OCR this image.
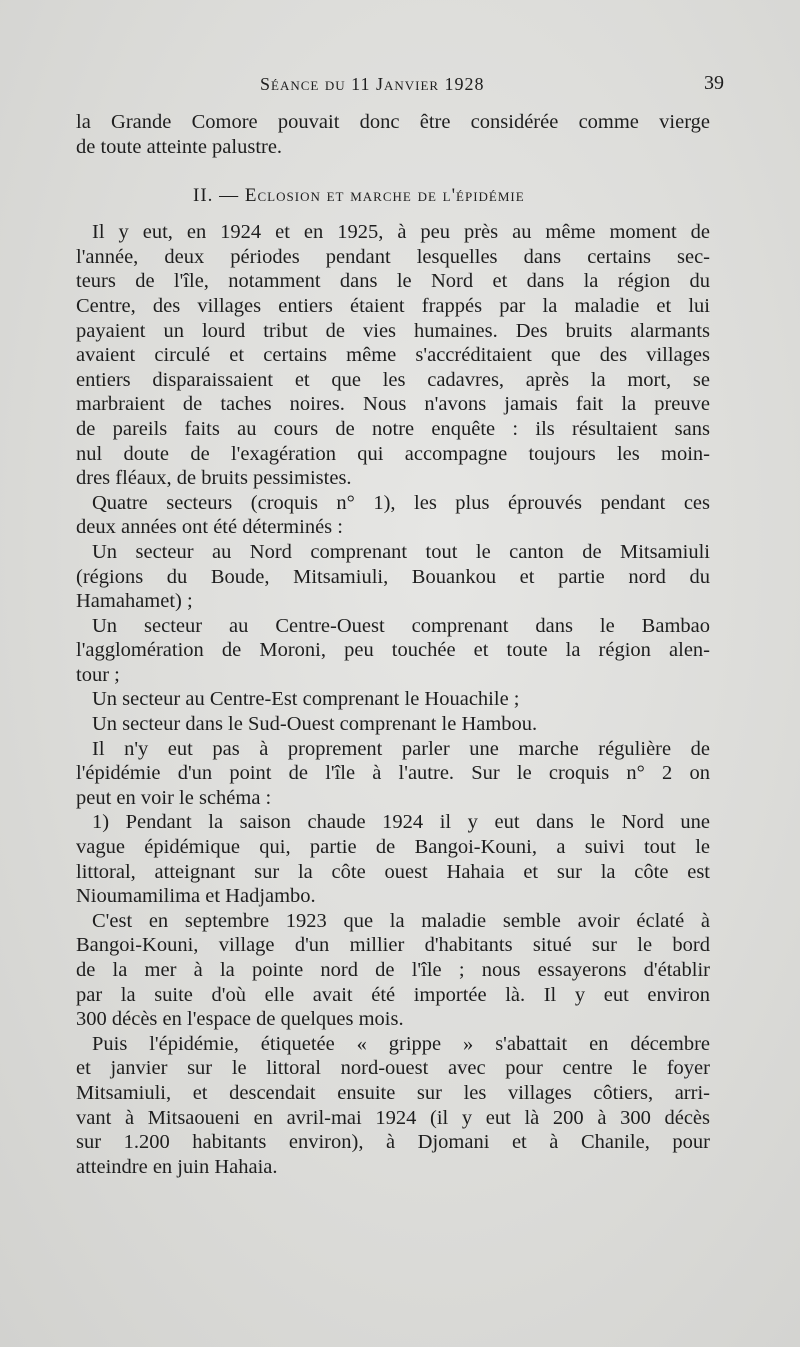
Séance du 11 Janvier 1928	39
la Grande Comore pouvait donc être considérée comme vierge
de toute atteinte palustre.
II. — Eclosion et marche de l'épidémie
Il y eut, en 1924 et en 1925, à peu près au même moment de
l'année, deux périodes pendant lesquelles dans certains sec-
teurs de l'île, notamment dans le Nord et dans la région du
Centre, des villages entiers étaient frappés par la maladie et lui
payaient un lourd tribut de vies humaines. Des bruits alarmants
avaient circulé et certains même s'accréditaient que des villages
entiers disparaissaient et que les cadavres, après la mort, se
marbraient de taches noires. Nous n'avons jamais fait la preuve
de pareils faits au cours de notre enquête : ils résultaient sans
nul doute de l'exagération qui accompagne toujours les moin-
dres fléaux, de bruits pessimistes.
Quatre secteurs (croquis n° 1), les plus éprouvés pendant ces
deux années ont été déterminés :
Un secteur au Nord comprenant tout le canton de Mitsamiuli
(régions du Boude, Mitsamiuli, Bouankou et partie nord du
Hamahamet) ;
Un secteur au Centre-Ouest comprenant dans le Bambao
l'agglomération de Moroni, peu touchée et toute la région alen-
tour ;
Un secteur au Centre-Est comprenant le Houachile ;
Un secteur dans le Sud-Ouest comprenant le Hambou.
Il n'y eut pas à proprement parler une marche régulière de
l'épidémie d'un point de l'île à l'autre. Sur le croquis n° 2 on
peut en voir le schéma :
1) Pendant la saison chaude 1924 il y eut dans le Nord une
vague épidémique qui, partie de Bangoi-Kouni, a suivi tout le
littoral, atteignant sur la côte ouest Hahaia et sur la côte est
Nioumamilima et Hadjambo.
C'est en septembre 1923 que la maladie semble avoir éclaté à
Bangoi-Kouni, village d'un millier d'habitants situé sur le bord
de la mer à la pointe nord de l'île ; nous essayerons d'établir
par la suite d'où elle avait été importée là. Il y eut environ
300 décès en l'espace de quelques mois.
Puis l'épidémie, étiquetée « grippe » s'abattait en décembre
et janvier sur le littoral nord-ouest avec pour centre le foyer
Mitsamiuli, et descendait ensuite sur les villages côtiers, arri-
vant à Mitsaoueni en avril-mai 1924 (il y eut là 200 à 300 décès
sur 1.200 habitants environ), à Djomani et à Chanile, pour
atteindre en juin Hahaia.
